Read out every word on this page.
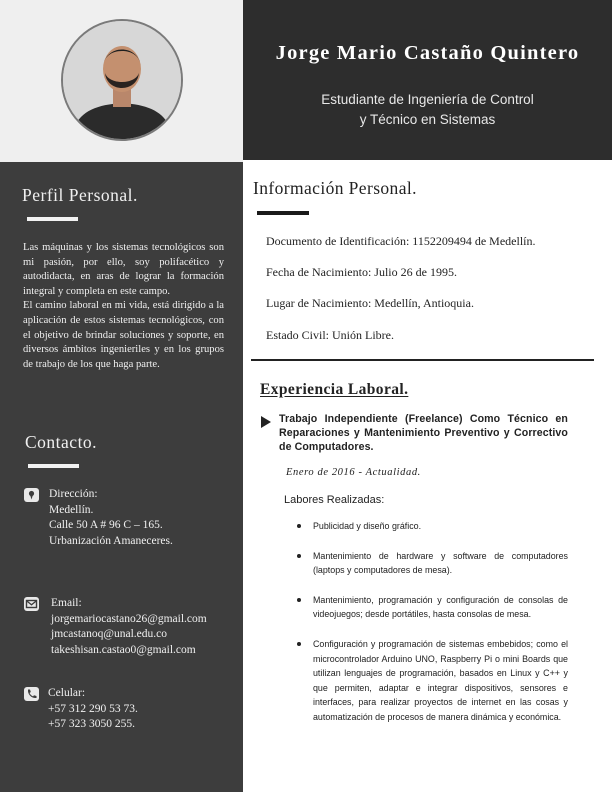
Jorge Mario Castaño Quintero
Estudiante de Ingeniería de Control
y Técnico en Sistemas
Perfil Personal.

Las máquinas y los sistemas tecnológicos son mi pasión, por ello, soy polifacético y autodidacta, en aras de lograr la formación integral y completa en este campo.

El camino laboral en mi vida, está dirigido a la aplicación de estos sistemas tecnológicos, con el objetivo de brindar soluciones y soporte, en diversos ámbitos ingenieriles y en los grupos de trabajo de los que haga parte.

Contacto.
Dirección:
Medellín.
Calle 50 A # 96 C – 165.
Urbanización Amaneceres.
Email:
jorgemariocastano26@gmail.com
jmcastanoq@unal.edu.co
takeshisan.castao0@gmail.com
Celular:
+57 312 290 53 73.
+57 323 3050 255.
Información Personal.
Documento de Identificación: 1152209494 de Medellín.
Fecha de Nacimiento: Julio 26 de 1995.
Lugar de Nacimiento: Medellín, Antioquia.
Estado Civil: Unión Libre.
Experiencia Laboral.
Trabajo Independiente (Freelance) Como Técnico en Reparaciones y Mantenimiento Preventivo y Correctivo de Computadores.
Enero de 2016 - Actualidad.
Labores Realizadas:
Publicidad y diseño gráfico.
Mantenimiento de hardware y software de computadores (laptops y computadores de mesa).
Mantenimiento, programación y configuración de consolas de videojuegos; desde portátiles, hasta consolas de mesa.
Configuración y programación de sistemas embebidos; como el microcontrolador Arduino UNO, Raspberry Pi o mini Boards que utilizan lenguajes de programación, basados en Linux y C++ y que permiten, adaptar e integrar dispositivos, sensores e interfaces, para realizar proyectos de internet en las cosas y automatización de procesos de manera dinámica y económica.
